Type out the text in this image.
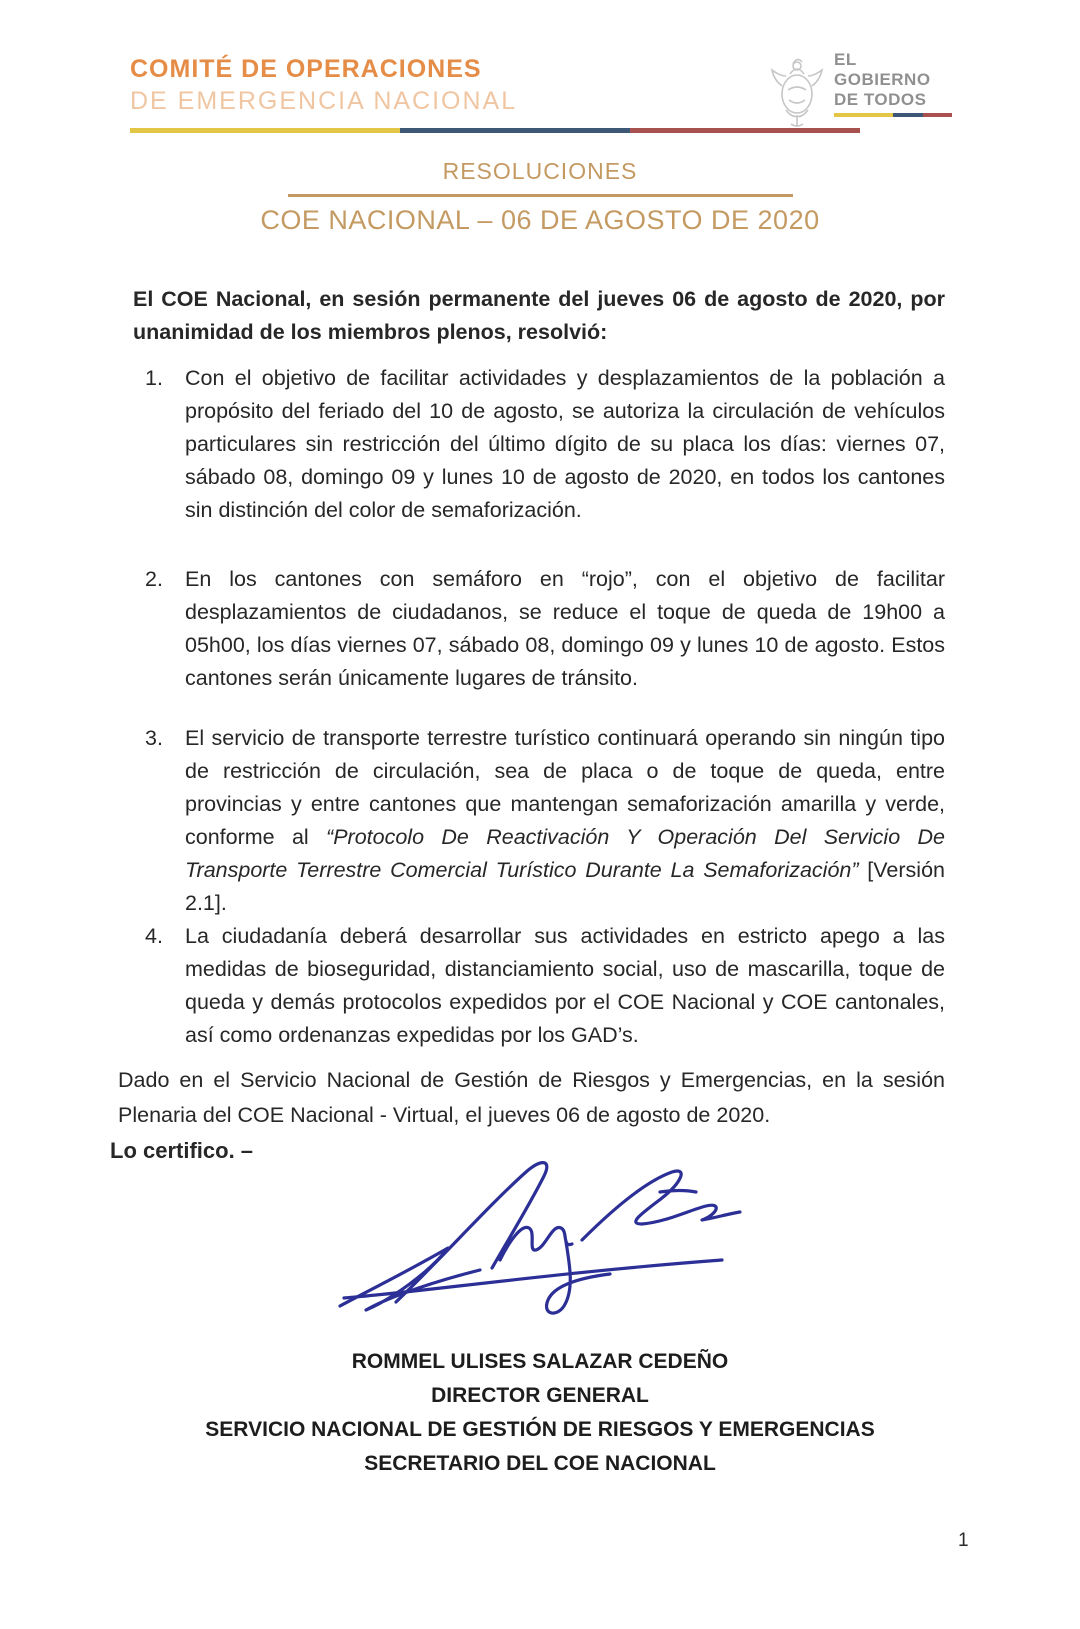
COMITÉ DE OPERACIONES
DE EMERGENCIA NACIONAL
EL
GOBIERNO
DE TODOS
RESOLUCIONES
COE NACIONAL – 06 DE AGOSTO DE 2020

El COE Nacional, en sesión permanente del jueves 06 de agosto de 2020, por unanimidad de los miembros plenos, resolvió:

1.	Con el objetivo de facilitar actividades y desplazamientos de la población a propósito del feriado del 10 de agosto, se autoriza la circulación de vehículos particulares sin restricción del último dígito de su placa los días: viernes 07, sábado 08, domingo 09 y lunes 10 de agosto de 2020, en todos los cantones sin distinción del color de semaforización.

2.	En los cantones con semáforo en “rojo”, con el objetivo de facilitar desplazamientos de ciudadanos, se reduce el toque de queda de 19h00 a 05h00, los días viernes 07, sábado 08, domingo 09 y lunes 10 de agosto. Estos cantones serán únicamente lugares de tránsito.

3.	El servicio de transporte terrestre turístico continuará operando sin ningún tipo de restricción de circulación, sea de placa o de toque de queda, entre provincias y entre cantones que mantengan semaforización amarilla y verde, conforme al “Protocolo De Reactivación Y Operación Del Servicio De Transporte Terrestre Comercial Turístico Durante La Semaforización” [Versión 2.1].

4.	La ciudadanía deberá desarrollar sus actividades en estricto apego a las medidas de bioseguridad, distanciamiento social, uso de mascarilla, toque de queda y demás protocolos expedidos por el COE Nacional y COE cantonales, así como ordenanzas expedidas por los GAD’s.

Dado en el Servicio Nacional de Gestión de Riesgos y Emergencias, en la sesión Plenaria del COE Nacional - Virtual, el jueves 06 de agosto de 2020.

Lo certifico. –
ROMMEL ULISES SALAZAR CEDEÑO
DIRECTOR GENERAL
SERVICIO NACIONAL DE GESTIÓN DE RIESGOS Y EMERGENCIAS
SECRETARIO DEL COE NACIONAL
1
